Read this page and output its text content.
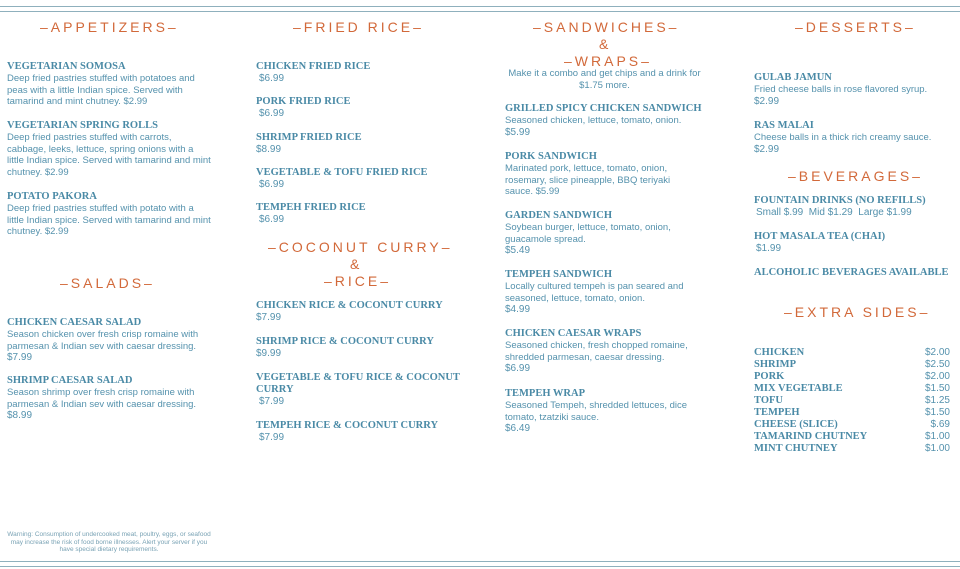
–APPETIZERS–
VEGETARIAN SOMOSA
Deep fried pastries stuffed with potatoes and peas with a little Indian spice. Served with tamarind and mint chutney. $2.99
VEGETARIAN SPRING ROLLS
Deep fried pastries stuffed with carrots, cabbage, leeks, lettuce, spring onions with a little Indian spice. Served with tamarind and mint chutney. $2.99
POTATO PAKORA
Deep fried pastries stuffed with potato with a little Indian spice. Served with tamarind and mint chutney. $2.99
–SALADS–
CHICKEN CAESAR SALAD
Season chicken over fresh crisp romaine with parmesan & Indian sev with caesar dressing.
$7.99
SHRIMP CAESAR SALAD
Season shrimp over fresh crisp romaine with parmesan & Indian sev with caesar dressing.
$8.99
Warning: Consumption of undercooked meat, poultry, eggs, or seafood may increase the risk of food borne illnesses. Alert your server if you have special dietary requirements.
–FRIED RICE–
CHICKEN FRIED RICE
$6.99
PORK FRIED RICE
$6.99
SHRIMP FRIED RICE
$8.99
VEGETABLE & TOFU FRIED RICE
$6.99
TEMPEH FRIED RICE
$6.99
–COCONUT CURRY–
&
–RICE–
CHICKEN RICE & COCONUT CURRY
$7.99
SHRIMP RICE & COCONUT CURRY
$9.99
VEGETABLE & TOFU RICE & COCONUT
CURRY
$7.99
TEMPEH RICE & COCONUT CURRY
$7.99
–SANDWICHES–
&
–WRAPS–
Make it a combo and get chips and a drink for $1.75 more.
GRILLED SPICY CHICKEN SANDWICH
Seasoned chicken, lettuce, tomato, onion.
$5.99
PORK SANDWICH
Marinated pork, lettuce, tomato, onion, rosemary, slice pineapple, BBQ teriyaki sauce. $5.99
GARDEN SANDWICH
Soybean burger, lettuce, tomato, onion, guacamole spread.
$5.49
TEMPEH SANDWICH
Locally cultured tempeh is pan seared and seasoned, lettuce, tomato, onion.
$4.99
CHICKEN CAESAR WRAPS
Seasoned chicken, fresh chopped romaine, shredded parmesan, caesar dressing.
$6.99
TEMPEH WRAP
Seasoned Tempeh, shredded lettuces, dice tomato, tzatziki sauce.
$6.49
–DESSERTS–
GULAB JAMUN
Fried cheese balls in rose flavored syrup.
$2.99
RAS MALAI
Cheese balls in a thick rich creamy sauce.
$2.99
–BEVERAGES–
FOUNTAIN DRINKS (NO REFILLS)
Small $.99  Mid $1.29  Large $1.99
HOT MASALA TEA (CHAI)
$1.99
ALCOHOLIC BEVERAGES AVAILABLE
–EXTRA SIDES–
CHICKEN	$2.00
SHRIMP	$2.50
PORK	$2.00
MIX VEGETABLE	$1.50
TOFU	$1.25
TEMPEH	$1.50
CHEESE (SLICE)	$.69
TAMARIND CHUTNEY	$1.00
MINT CHUTNEY	$1.00
